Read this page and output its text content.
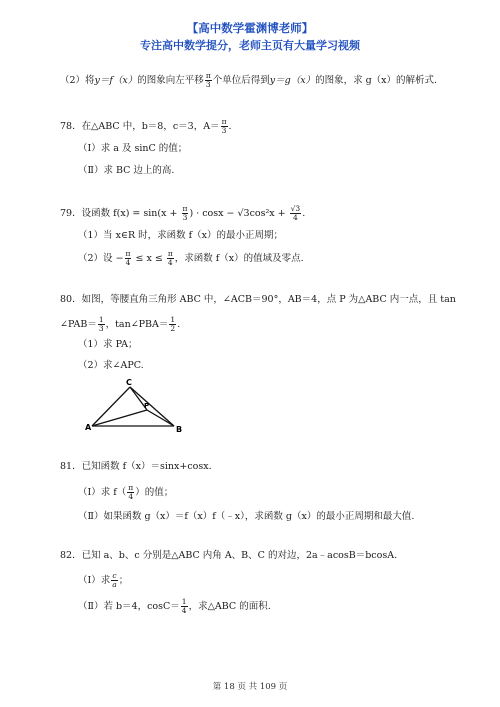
【高中数学霍渊博老师】
专注高中数学提分，老师主页有大量学习视频
（2）将y＝f（x）的图象向左平移 $\frac{\pi}{3}$ 个单位后得到y＝g（x）的图象，求 g（x）的解析式.
78．在△ABC 中，b＝8，c＝3，$A= \frac{\pi}{3}$ .
（Ⅰ）求 a 及 sinC 的值；
（Ⅱ）求 BC 边上的高.
79．设函数 $f(x) = \sin(x + \frac{\pi}{3}$ ) · $\cos x - √3\cos^2x + \frac{√3}{4}$ .
（1）当 x∈R 时，求函数 f（x）的最小正周期；
（2）设 − $\frac{\pi}{4} \le x \le \frac{\pi}{4}$ ，求函数 f（x）的值域及零点.
80．如图，等腰直角三角形 ABC 中，∠ACB＝90°，AB＝4，点 P 为△ABC 内一点，且 tan
∠PAB＝ $\frac{1}{3}$ ，tan∠PBA＝ $\frac{1}{2}$ .
（1）求 PA；
（2）求∠APC.
A	B
C
P
81．已知函数 f（x）＝sinx+cosx.
（Ⅰ）求 $f( \frac{\pi}{4}$ ）的值；
（Ⅱ）如果函数 g（x）＝f（x）f（﹣x），求函数 g（x）的最小正周期和最大值.
82．已知 a、b、c 分别是△ABC 内角 A、B、C 的对边，2a﹣acosB＝bcosA.
（Ⅰ）求 $\frac{c}{a}$ ；
（Ⅱ）若 b＝4，$\cos C= \frac{1}{4}$ ，求△ABC 的面积.
第 18 页 共 109 页
